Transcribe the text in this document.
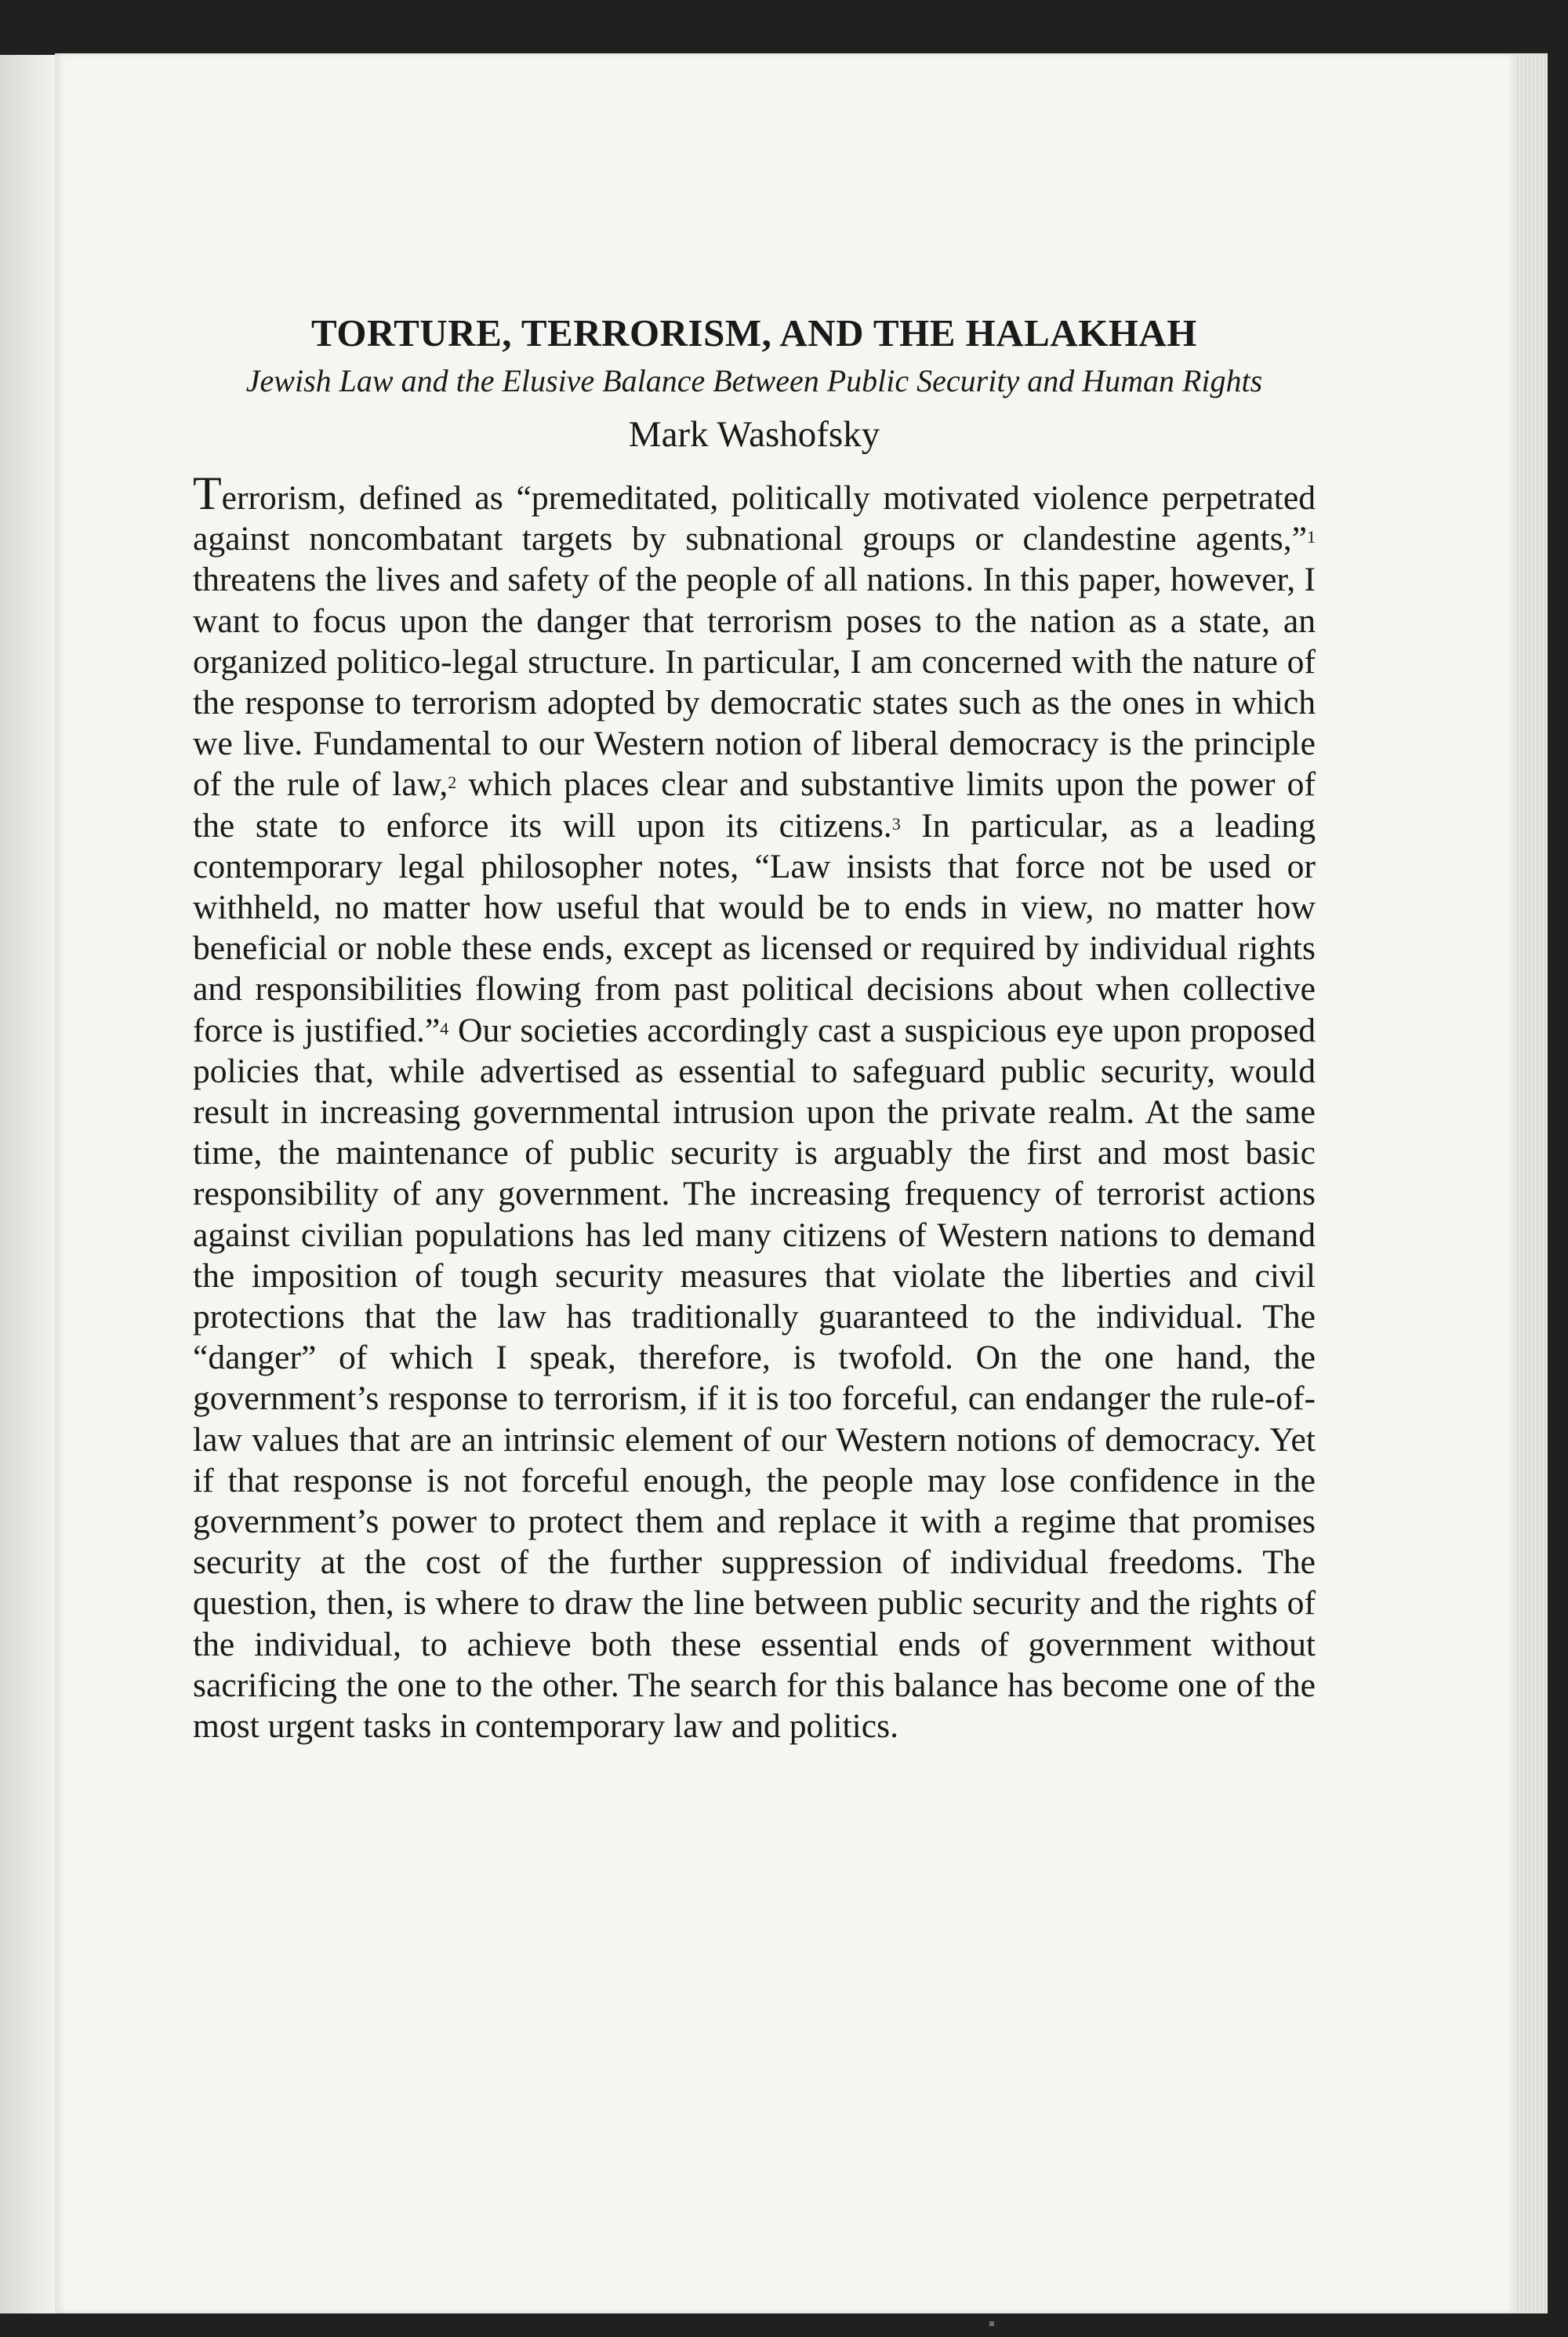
TORTURE, TERRORISM, AND THE HALAKHAH
Jewish Law and the Elusive Balance Between Public Security and Human Rights
Mark Washofsky

Terrorism, defined as “premeditated, politically motivated violence perpetrated against noncombatant targets by subnational groups or clandestine agents,”$^1$ threatens the lives and safety of the people of all nations. In this paper, however, I want to focus upon the danger that terrorism poses to the nation as a state, an organized politico-legal structure. In particular, I am concerned with the nature of the response to terrorism adopted by democratic states such as the ones in which we live. Fundamental to our Western notion of liberal democracy is the principle of the rule of law,$^2$ which places clear and substantive limits upon the power of the state to enforce its will upon its citizens.$^3$ In particular, as a leading contemporary legal philosopher notes, “Law insists that force not be used or withheld, no matter how useful that would be to ends in view, no matter how beneficial or noble these ends, except as licensed or required by individual rights and responsibilities flowing from past political decisions about when collective force is justified.”$^4$ Our societies accordingly cast a suspicious eye upon proposed policies that, while advertised as essential to safeguard public security, would result in increasing governmental intrusion upon the private realm. At the same time, the maintenance of public security is arguably the first and most basic responsibility of any government. The increasing frequency of terrorist actions against civilian populations has led many citizens of Western nations to demand the imposition of tough security measures that violate the liberties and civil protections that the law has traditionally guaranteed to the individual. The “danger” of which I speak, therefore, is twofold. On the one hand, the government’s response to terrorism, if it is too forceful, can endanger the rule-of-law values that are an intrinsic element of our Western notions of democracy. Yet if that response is not forceful enough, the people may lose confidence in the government’s power to protect them and replace it with a regime that promises security at the cost of the further suppression of individual freedoms. The question, then, is where to draw the line between public security and the rights of the individual, to achieve both these essential ends of government without sacrificing the one to the other. The search for this balance has become one of the most urgent tasks in contemporary law and politics.
